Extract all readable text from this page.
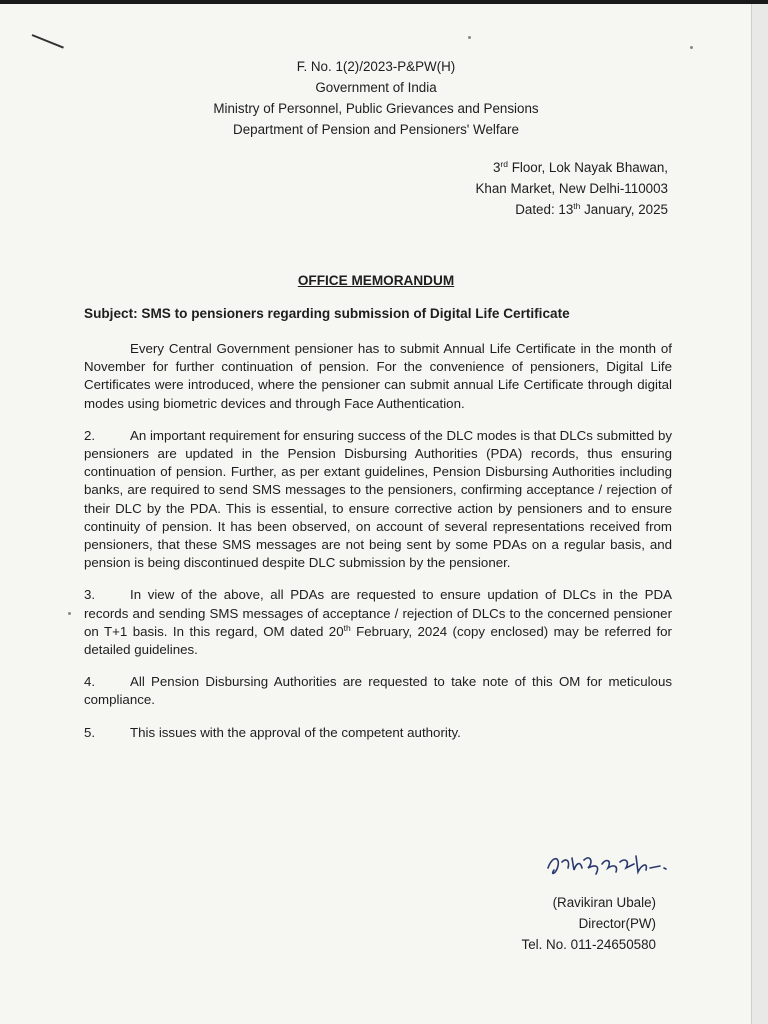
F. No. 1(2)/2023-P&PW(H)
Government of India
Ministry of Personnel, Public Grievances and Pensions
Department of Pension and Pensioners' Welfare
3rd Floor, Lok Nayak Bhawan,
Khan Market, New Delhi-110003
Dated: 13th January, 2025
OFFICE MEMORANDUM
Subject: SMS to pensioners regarding submission of Digital Life Certificate

Every Central Government pensioner has to submit Annual Life Certificate in the month of November for further continuation of pension. For the convenience of pensioners, Digital Life Certificates were introduced, where the pensioner can submit annual Life Certificate through digital modes using biometric devices and through Face Authentication.

2.	An important requirement for ensuring success of the DLC modes is that DLCs submitted by pensioners are updated in the Pension Disbursing Authorities (PDA) records, thus ensuring continuation of pension. Further, as per extant guidelines, Pension Disbursing Authorities including banks, are required to send SMS messages to the pensioners, confirming acceptance / rejection of their DLC by the PDA. This is essential, to ensure corrective action by pensioners and to ensure continuity of pension. It has been observed, on account of several representations received from pensioners, that these SMS messages are not being sent by some PDAs on a regular basis, and pension is being discontinued despite DLC submission by the pensioner.

3.	In view of the above, all PDAs are requested to ensure updation of DLCs in the PDA records and sending SMS messages of acceptance / rejection of DLCs to the concerned pensioner on T+1 basis. In this regard, OM dated 20th February, 2024 (copy enclosed) may be referred for detailed guidelines.

4.	All Pension Disbursing Authorities are requested to take note of this OM for meticulous compliance.

5.	This issues with the approval of the competent authority.

(Ravikiran Ubale)
Director(PW)
Tel. No. 011-24650580
